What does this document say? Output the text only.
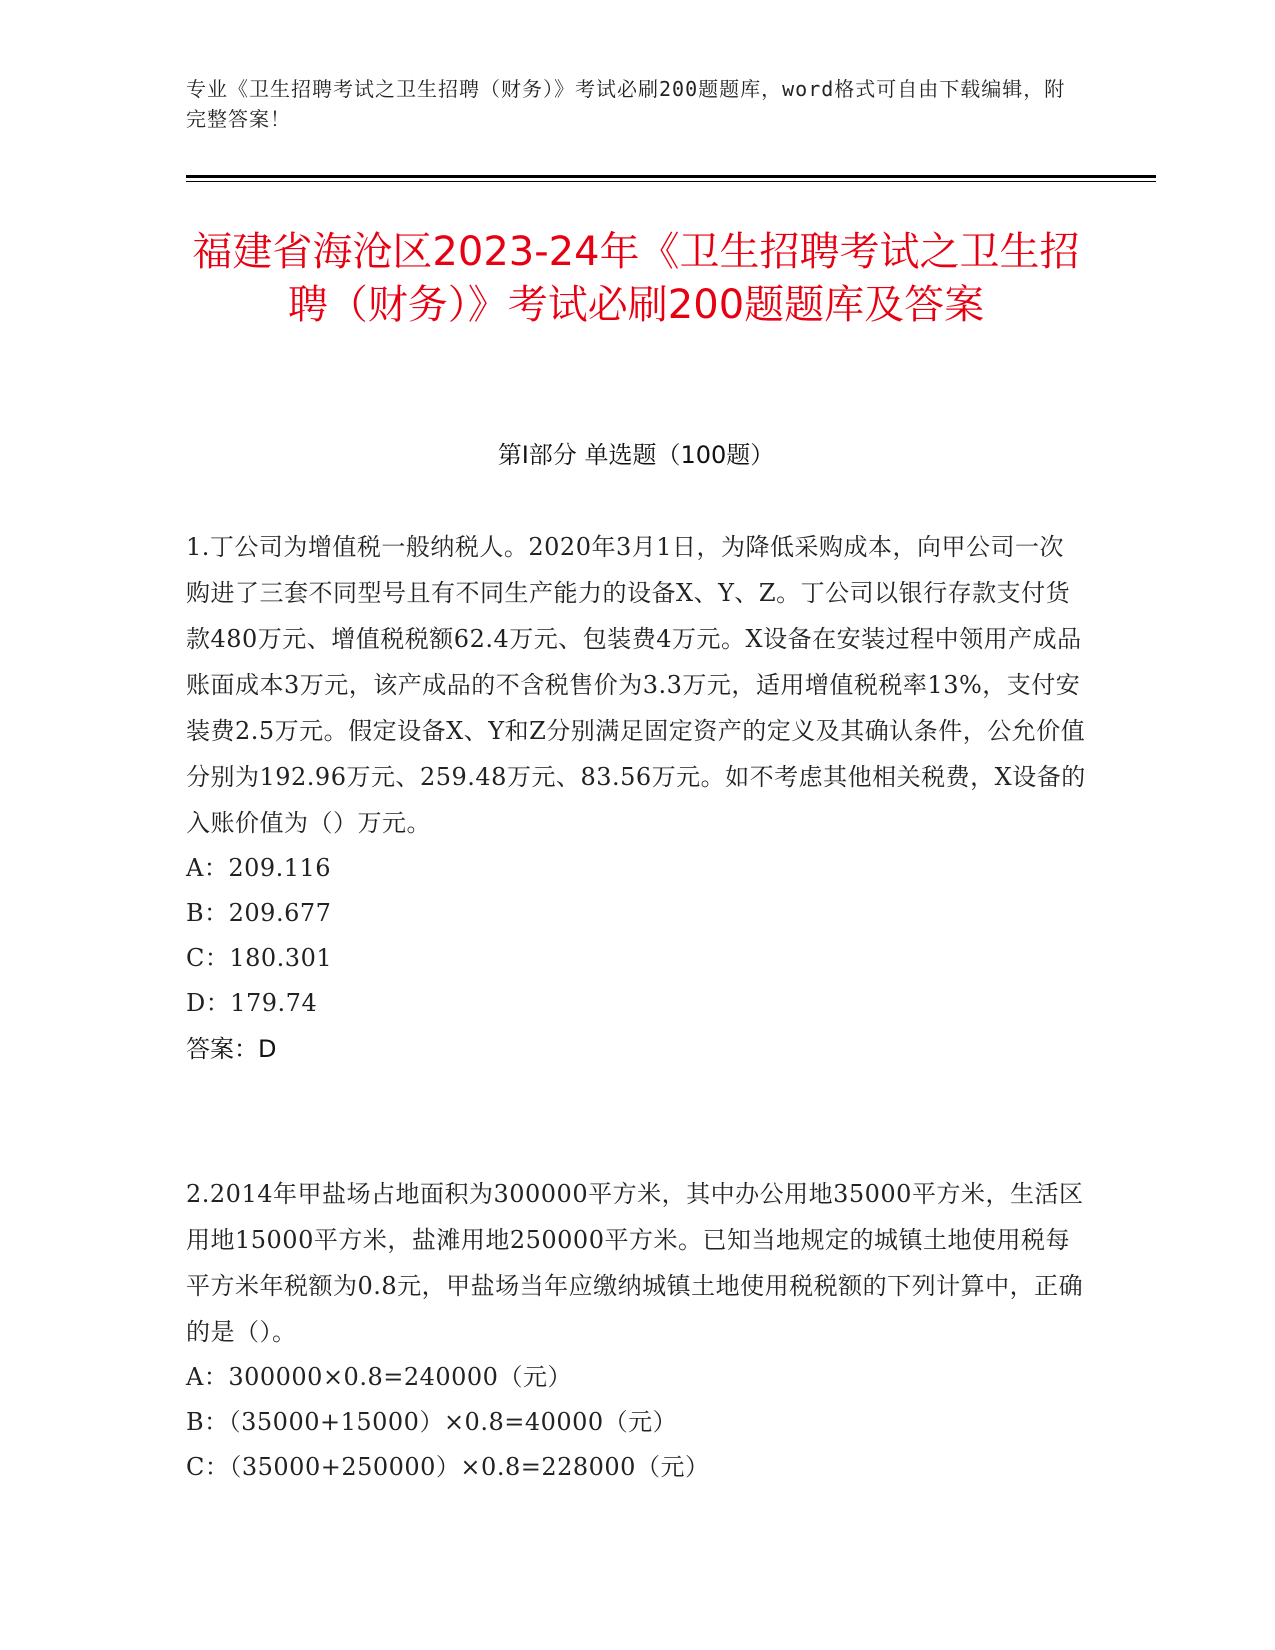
专业《卫生招聘考试之卫生招聘（财务）》考试必刷200题题库，word格式可自由下载编辑，附完整答案！
福建省海沧区2023-24年《卫生招聘考试之卫生招聘（财务）》考试必刷200题题库及答案
第Ⅰ部分 单选题（100题）

1.丁公司为增值税一般纳税人。2020年3月1日，为降低采购成本，向甲公司一次购进了三套不同型号且有不同生产能力的设备X、Y、Z。丁公司以银行存款支付货款480万元、增值税税额62.4万元、包装费4万元。X设备在安装过程中领用产成品账面成本3万元，该产成品的不含税售价为3.3万元，适用增值税税率13%，支付安装费2.5万元。假定设备X、Y和Z分别满足固定资产的定义及其确认条件，公允价值分别为192.96万元、259.48万元、83.56万元。如不考虑其他相关税费，X设备的入账价值为（）万元。

A：209.116

B：209.677

C：180.301

D：179.74

答案：D

2.2014年甲盐场占地面积为300000平方米，其中办公用地35000平方米，生活区用地15000平方米，盐滩用地250000平方米。已知当地规定的城镇土地使用税每平方米年税额为0.8元，甲盐场当年应缴纳城镇土地使用税税额的下列计算中，正确的是（）。

A：300000×0.8=240000（元）

B：（35000+15000）×0.8=40000（元）

C：（35000+250000）×0.8=228000（元）
